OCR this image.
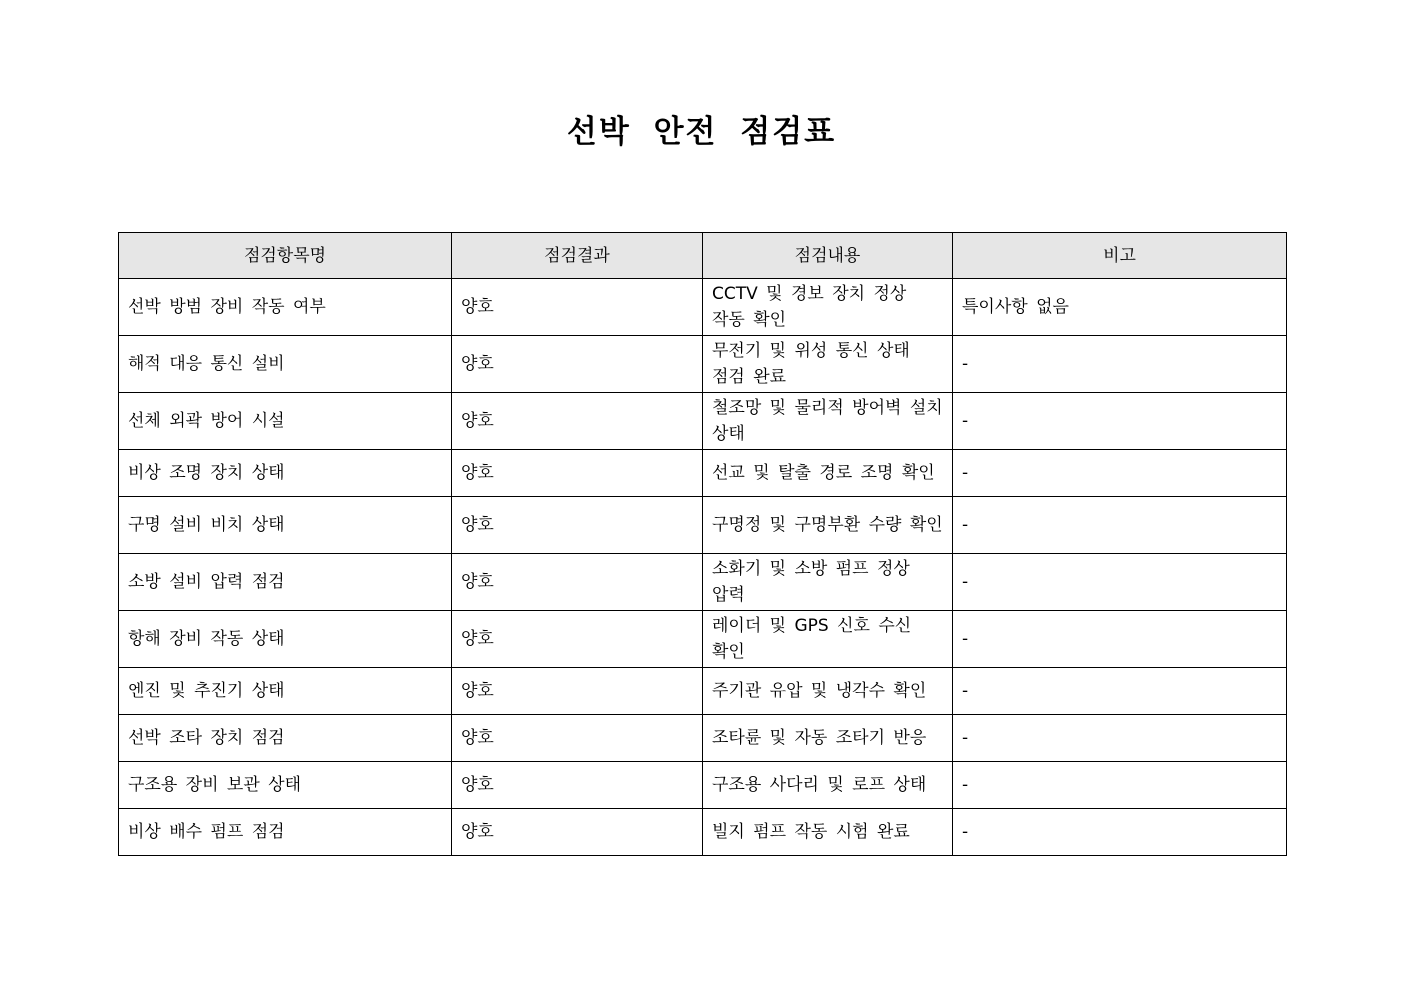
선박 안전 점검표
점검항목명	점검결과	점검내용	비고
선박 방범 장비 작동 여부	양호	CCTV 및 경보 장치 정상 작동 확인	특이사항 없음
해적 대응 통신 설비	양호	무전기 및 위성 통신 상태 점검 완료	-
선체 외곽 방어 시설	양호	철조망 및 물리적 방어벽 설치 상태	-
비상 조명 장치 상태	양호	선교 및 탈출 경로 조명 확인	-
구명 설비 비치 상태	양호	구명정 및 구명부환 수량 확인	-
소방 설비 압력 점검	양호	소화기 및 소방 펌프 정상 압력	-
항해 장비 작동 상태	양호	레이더 및 GPS 신호 수신 확인	-
엔진 및 추진기 상태	양호	주기관 유압 및 냉각수 확인	-
선박 조타 장치 점검	양호	조타륜 및 자동 조타기 반응	-
구조용 장비 보관 상태	양호	구조용 사다리 및 로프 상태	-
비상 배수 펌프 점검	양호	빌지 펌프 작동 시험 완료	-
